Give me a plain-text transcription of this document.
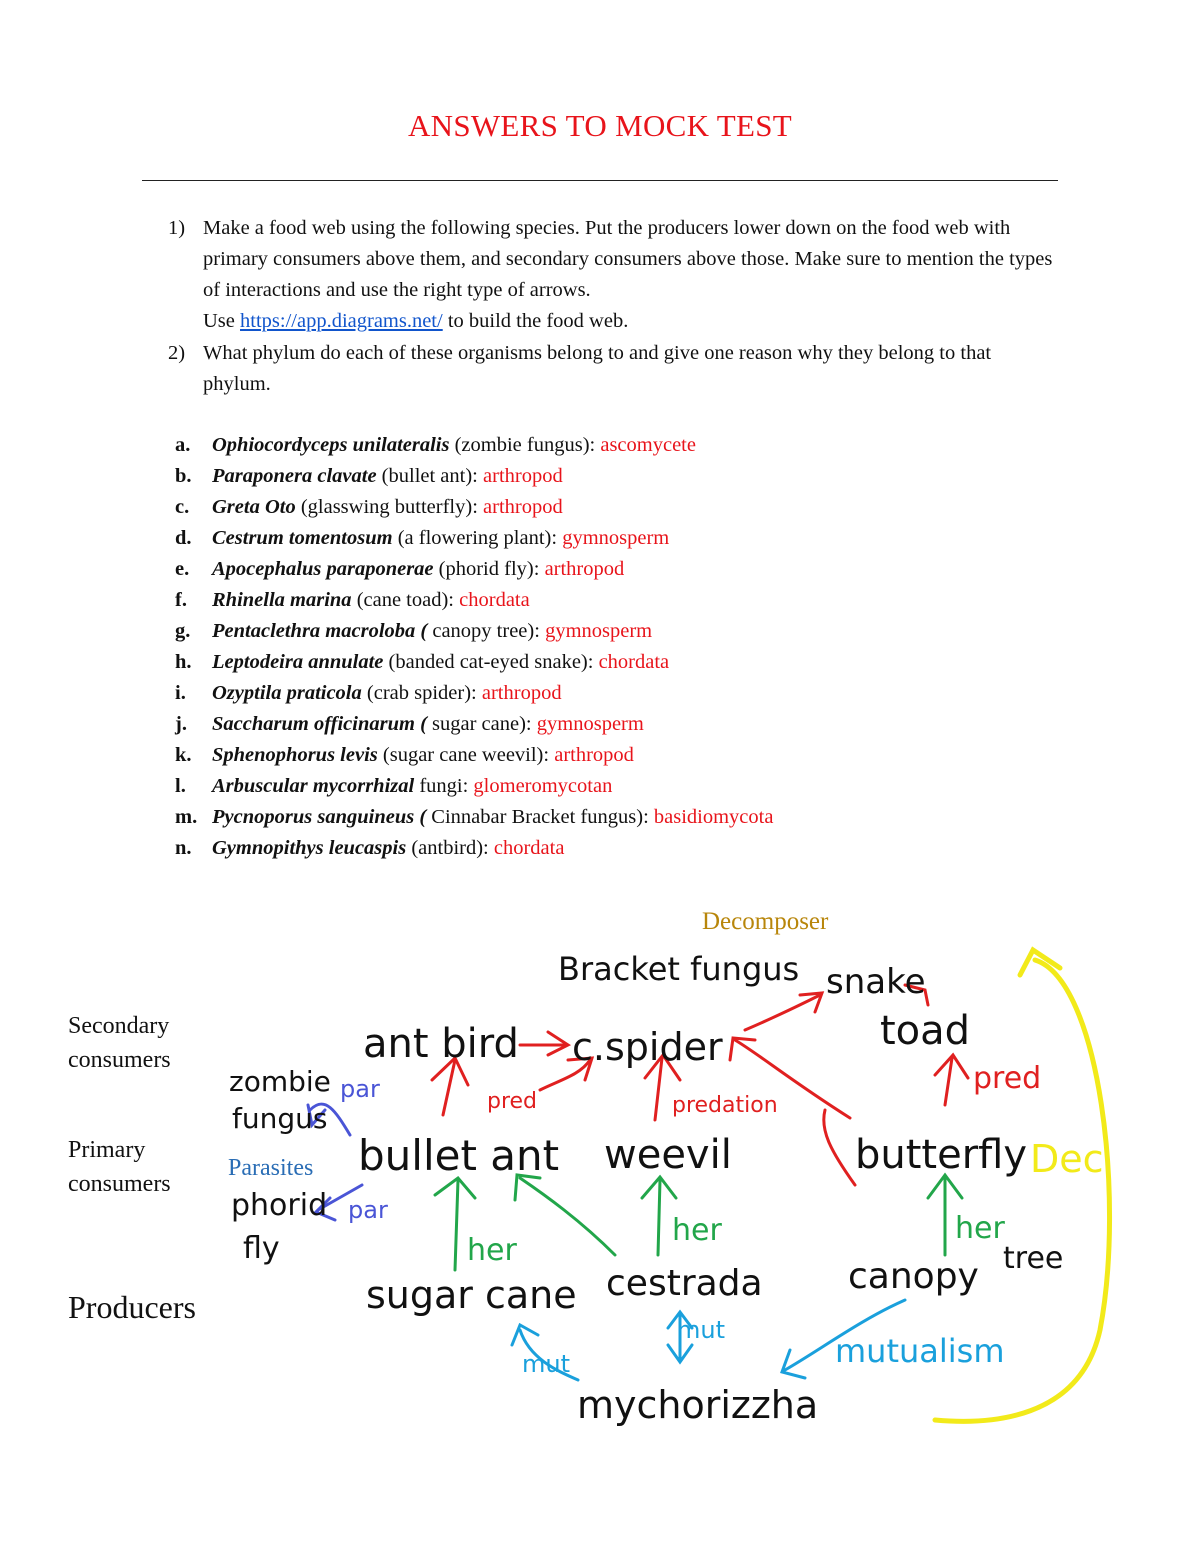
ANSWERS TO MOCK TEST
1) Make a food web using the following species. Put the producers lower down on the food web with primary consumers above them, and secondary consumers above those. Make sure to mention the types of interactions and use the right type of arrows.
Use https://app.diagrams.net/ to build the food web.
2) What phylum do each of these organisms belong to and give one reason why they belong to that phylum.
a. Ophiocordyceps unilateralis (zombie fungus): ascomycete
b. Paraponera clavate (bullet ant): arthropod
c. Greta Oto (glasswing butterfly): arthropod
d. Cestrum tomentosum (a flowering plant): gymnosperm
e. Apocephalus paraponerae (phorid fly): arthropod
f. Rhinella marina (cane toad): chordata
g. Pentaclethra macroloba ( canopy tree): gymnosperm
h. Leptodeira annulate (banded cat-eyed snake): chordata
i. Ozyptila praticola (crab spider): arthropod
j. Saccharum officinarum ( sugar cane): gymnosperm
k. Sphenophorus levis (sugar cane weevil): arthropod
l. Arbuscular mycorrhizal fungi: glomeromycotan
m. Pycnoporus sanguineus ( Cinnabar Bracket fungus): basidiomycota
n. Gymnopithys leucaspis (antbird): chordata
Decomposer
Secondary
consumers
Primary
consumers
Parasites
Producers
Bracket fungus snake
toad
ant bird c.spider
zombie
fungus
bullet ant weevil	butterfly
phorid
fly
sugar cane cestrada canopy tree
mychorizzha
par
par
pred	predation
pred
her
her	her
mut
mut
mutualism
Dec
